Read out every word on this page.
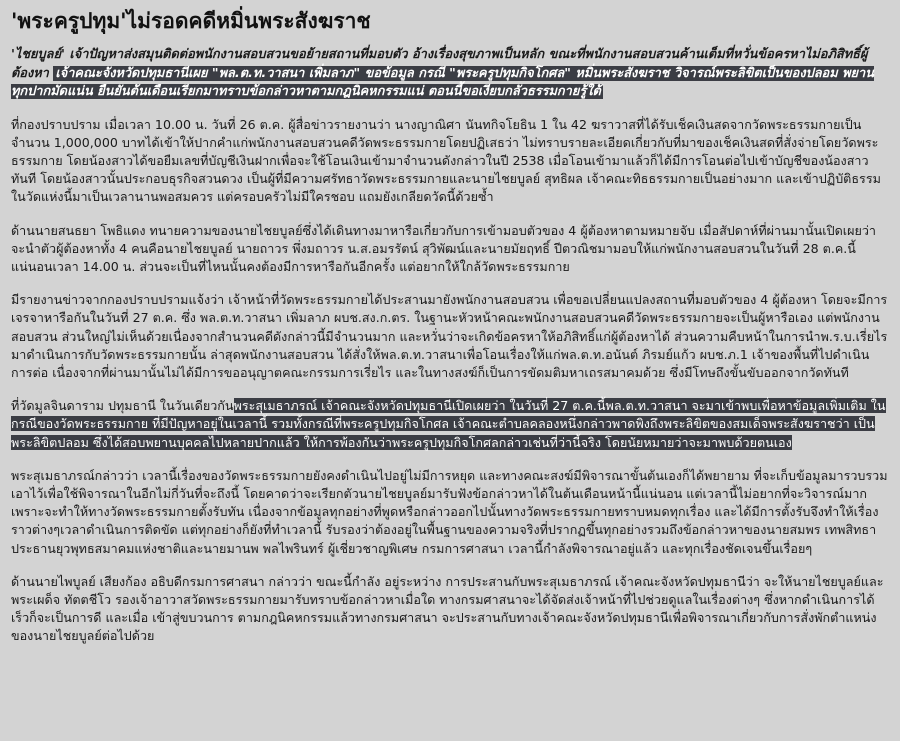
'พระครูปทุม'ไม่รอดคดีหมิ่นพระสังฆราช

'ไชยบูลย์' เจ้าปัญหาส่งสมุนติดต่อพนักงานสอบสวนขอย้ายสถานที่มอบตัว อ้างเรื่องสุขภาพเป็นหลัก ขณะที่พนักงานสอบสวนค้านเต็มที่หวั่นข้อครหาไม่อภิสิทธิ์ผู้ต้องหา เจ้าคณะจังหวัดปทุมธานีเผย "พล.ต.ท.วาสนา เพิ่มลาภ" ขอข้อมูล กรณี "พระครูปทุมกิจโกศล" หมิ่นพระสังฆราช วิจารณ์พระลิขิตเป็นของปลอม พยานทุกปากมัดแน่น ยืนยันต้นเดือนเรียกมาทราบข้อกล่าวหาตามกฎนิคหกรรมแน่ ตอนนี้ขอเงียบกลัวธรรมกายรู้ใต้

ที่กองปราบปราม เมื่อเวลา 10.00 น. วันที่ 26 ต.ค. ผู้สื่อข่าวรายงานว่า นางญาณิศา นันทกิจโยธิน 1 ใน 42 ฆราวาสที่ได้รับเช็คเงินสดจากวัดพระธรรมกายเป็นจำนวน 1,000,000 บาทได้เข้าให้ปากคำแก่พนักงานสอบสวนคดีวัดพระธรรมกายโดยปฏิเสธว่า ไม่ทราบรายละเอียดเกี่ยวกับที่มาของเช็คเงินสดที่สั่งจ่ายโดยวัดพระธรรมกาย โดยน้องสาวได้ขอยืมเลขที่บัญชีเงินฝากเพื่อจะใช้โอนเงินเข้ามาจำนวนดังกล่าวในปี 2538 เมื่อโอนเข้ามาแล้วก็ได้มีการโอนต่อไปเข้าบัญชีของน้องสาวทันที โดยน้องสาวนั้นประกอบธุรกิจสวนดวง เป็นผู้ที่มีความศรัทธาวัดพระธรรมกายและนายไชยบูลย์ สุทธิผล เจ้าคณะทิธธรรมกายเป็นอย่างมาก และเข้าปฏิบัติธรรมในวัดแห่งนี้มาเป็นเวลานานพอสมควร แต่ครอบครัวไม่มีใครชอบ แถมยังเกลียดวัดนี้ด้วยซ้ำ

ด้านนายสนธยา โพธิแดง ทนายความของนายไชยบูลย์ซึ่งได้เดินทางมาหารือเกี่ยวกับการเข้ามอบตัวของ 4 ผู้ต้องหาตามหมายจับ เมื่อสัปดาห์ที่ผ่านมานั้นเปิดเผยว่า จะนำตัวผู้ต้องหาทั้ง 4 คนคือนายไชยบูลย์ นายถาวร พึ่งมถาวร น.ส.อมรรัตน์ สุวิพัฒน์และนายมัยฤทธิ์ ปีตวณิชมามอบให้แก่พนักงานสอบสวนในวันที่ 28 ต.ค.นี้แน่นอนเวลา 14.00 น. ส่วนจะเป็นที่ไหนนั้นคงต้องมีการหารือกันอีกครั้ง แต่อยากให้ใกล้วัดพระธรรมกาย

มีรายงานข่าวจากกองปราบปรามแจ้งว่า เจ้าหน้าที่วัดพระธรรมกายได้ประสานมายังพนักงานสอบสวน เพื่อขอเปลี่ยนแปลงสถานที่มอบตัวของ 4 ผู้ต้องหา โดยจะมีการเจรจาหารือกันในวันที่ 27 ต.ค. ซึ่ง พล.ต.ท.วาสนา เพิ่มลาภ ผบช.สง.ก.ตร. ในฐานะหัวหน้าคณะพนักงานสอบสวนคดีวัดพระธรรมกายจะเป็นผู้หารือเอง แต่พนักงานสอบสวน ส่วนใหญ่ไม่เห็นด้วยเนื่องจากสำนวนคดีดังกล่าวนี้มีจำนวนมาก และหวั่นว่าจะเกิดข้อครหาให้อภิสิทธิ์แก่ผู้ต้องหาได้ ส่วนความคืบหน้าในการนำพ.ร.บ.เรี่ยไร มาดำเนินการกับวัดพระธรรมกายนั้น ล่าสุดพนักงานสอบสวน ได้สั่งให้พล.ต.ท.วาสนาเพื่อโอนเรื่องให้แก่พล.ต.ท.อนันต์ ภิรมย์แก้ว ผบช.ภ.1 เจ้าของพื้นที่ไปดำเนินการต่อ เนื่องจากที่ผ่านมานั้นไม่ได้มีการขออนุญาตคณะกรรมการเรี่ยไร และในทางสงฆ์ก็เป็นการขัดมติมหาเถรสมาคมด้วย ซึ่งมีโทษถึงขั้นขับออกจากวัดทันที

ที่วัดมูลจินดาราม ปทุมธานี ในวันเดียวกันพระสุเมธาภรณ์ เจ้าคณะจังหวัดปทุมธานีเปิดเผยว่า ในวันที่ 27 ต.ค.นี้พล.ต.ท.วาสนา จะมาเข้าพบเพื่อหาข้อมูลเพิ่มเติม ในกรณีของวัดพระธรรมกาย ที่มีปัญหาอยู่ในเวลานี้ รวมทั้งกรณีที่พระครูปทุมกิจโกศล เจ้าคณะตำบลคลองหนึ่งกล่าวพาดพิงถึงพระลิขิตของสมเด็จพระสังฆราชว่า เป็นพระลิขิตปลอม ซึ่งได้สอบพยานบุคคลไปหลายปากแล้ว ให้การพ้องกันว่าพระครูปทุมกิจโกศลกล่าวเช่นที่ว่านี้จริง โดยนัยหมายว่าจะมาพบด้วยตนเอง

พระสุเมธาภรณ์กล่าวว่า เวลานี้เรื่องของวัดพระธรรมกายยังคงดำเนินไปอยู่ไม่มีการหยุด และทางคณะสงฆ์มีพิจารณาขั้นต้นเองก็ได้พยายาม ที่จะเก็บข้อมูลมารวบรวมเอาไว้เพื่อใช้พิจารณาในอีกไม่กี่วันที่จะถึงนี้ โดยคาดว่าจะเรียกตัวนายไชยบูลย์มารับฟังข้อกล่าวหาได้ในต้นเดือนหน้านี้แน่นอน แต่เวลานี้ไม่อยากที่จะวิจารณ์มากเพราะจะทำให้ทางวัดพระธรรมกายตั้งรับทัน เนื่องจากข้อมูลทุกอย่างที่พูดหรือกล่าวออกไปนั้นทางวัดพระธรรมกายทราบหมดทุกเรื่อง และได้มีการตั้งรับจึงทำให้เรื่องราวต่างๆเวลาดำเนินการติดขัด แต่ทุกอย่างก็ยังที่ทำเวลานี้ รับรองว่าต้องอยู่ในพื้นฐานของความจริงที่ปรากฏขึ้นทุกอย่างรวมถึงข้อกล่าวหาของนายสมพร เทพสิทธา ประธานยุวพุทธสมาคมแห่งชาติและนายมานพ พลไพรินทร์ ผู้เชี่ยวชาญพิเศษ กรมการศาสนา เวลานี้กำลังพิจารณาอยู่แล้ว และทุกเรื่องชัดเจนขึ้นเรื่อยๆ

ด้านนายไพบูลย์ เสียงก้อง อธิบดีกรมการศาสนา กล่าวว่า ขณะนี้กำลัง อยู่ระหว่าง การประสานกับพระสุเมธาภรณ์ เจ้าคณะจังหวัดปทุมธานีว่า จะให้นายไชยบูลย์และพระเผด็จ ทัตตชีโว รองเจ้าอาวาสวัดพระธรรมกายมารับทราบข้อกล่าวหาเมื่อใด ทางกรมศาสนาจะได้จัดส่งเจ้าหน้าที่ไปช่วยดูแลในเรื่องต่างๆ ซึ่งหากดำเนินการได้เร็วก็จะเป็นการดี และเมื่อ เข้าสู่ขบวนการ ตามกฎนิคหกรรมแล้วทางกรมศาสนา จะประสานกับทางเจ้าคณะจังหวัดปทุมธานีเพื่อพิจารณาเกี่ยวกับการสั่งพักตำแหน่งของนายไชยบูลย์ต่อไปด้วย
